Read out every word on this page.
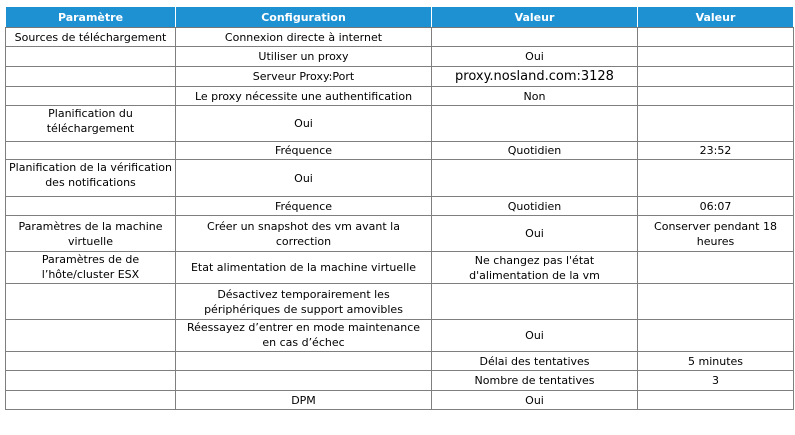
Paramètre	Configuration	Valeur	Valeur
Sources de téléchargement	Connexion directe à internet		
	Utiliser un proxy	Oui	
	Serveur Proxy:Port	proxy.nosland.com:3128	
	Le proxy nécessite une authentification	Non	
Planification du téléchargement	Oui		
	Fréquence	Quotidien	23:52
Planification de la vérification des notifications	Oui		
	Fréquence	Quotidien	06:07
Paramètres de la machine virtuelle	Créer un snapshot des vm avant la correction	Oui	Conserver pendant 18 heures
Paramètres de de l’hôte/cluster ESX	Etat alimentation de la machine virtuelle	Ne changez pas l'état d'alimentation de la vm	
	Désactivez temporairement les périphériques de support amovibles		
	Réessayez d’entrer en mode maintenance en cas d’échec	Oui	
		Délai des tentatives	5 minutes
		Nombre de tentatives	3
	DPM	Oui	
